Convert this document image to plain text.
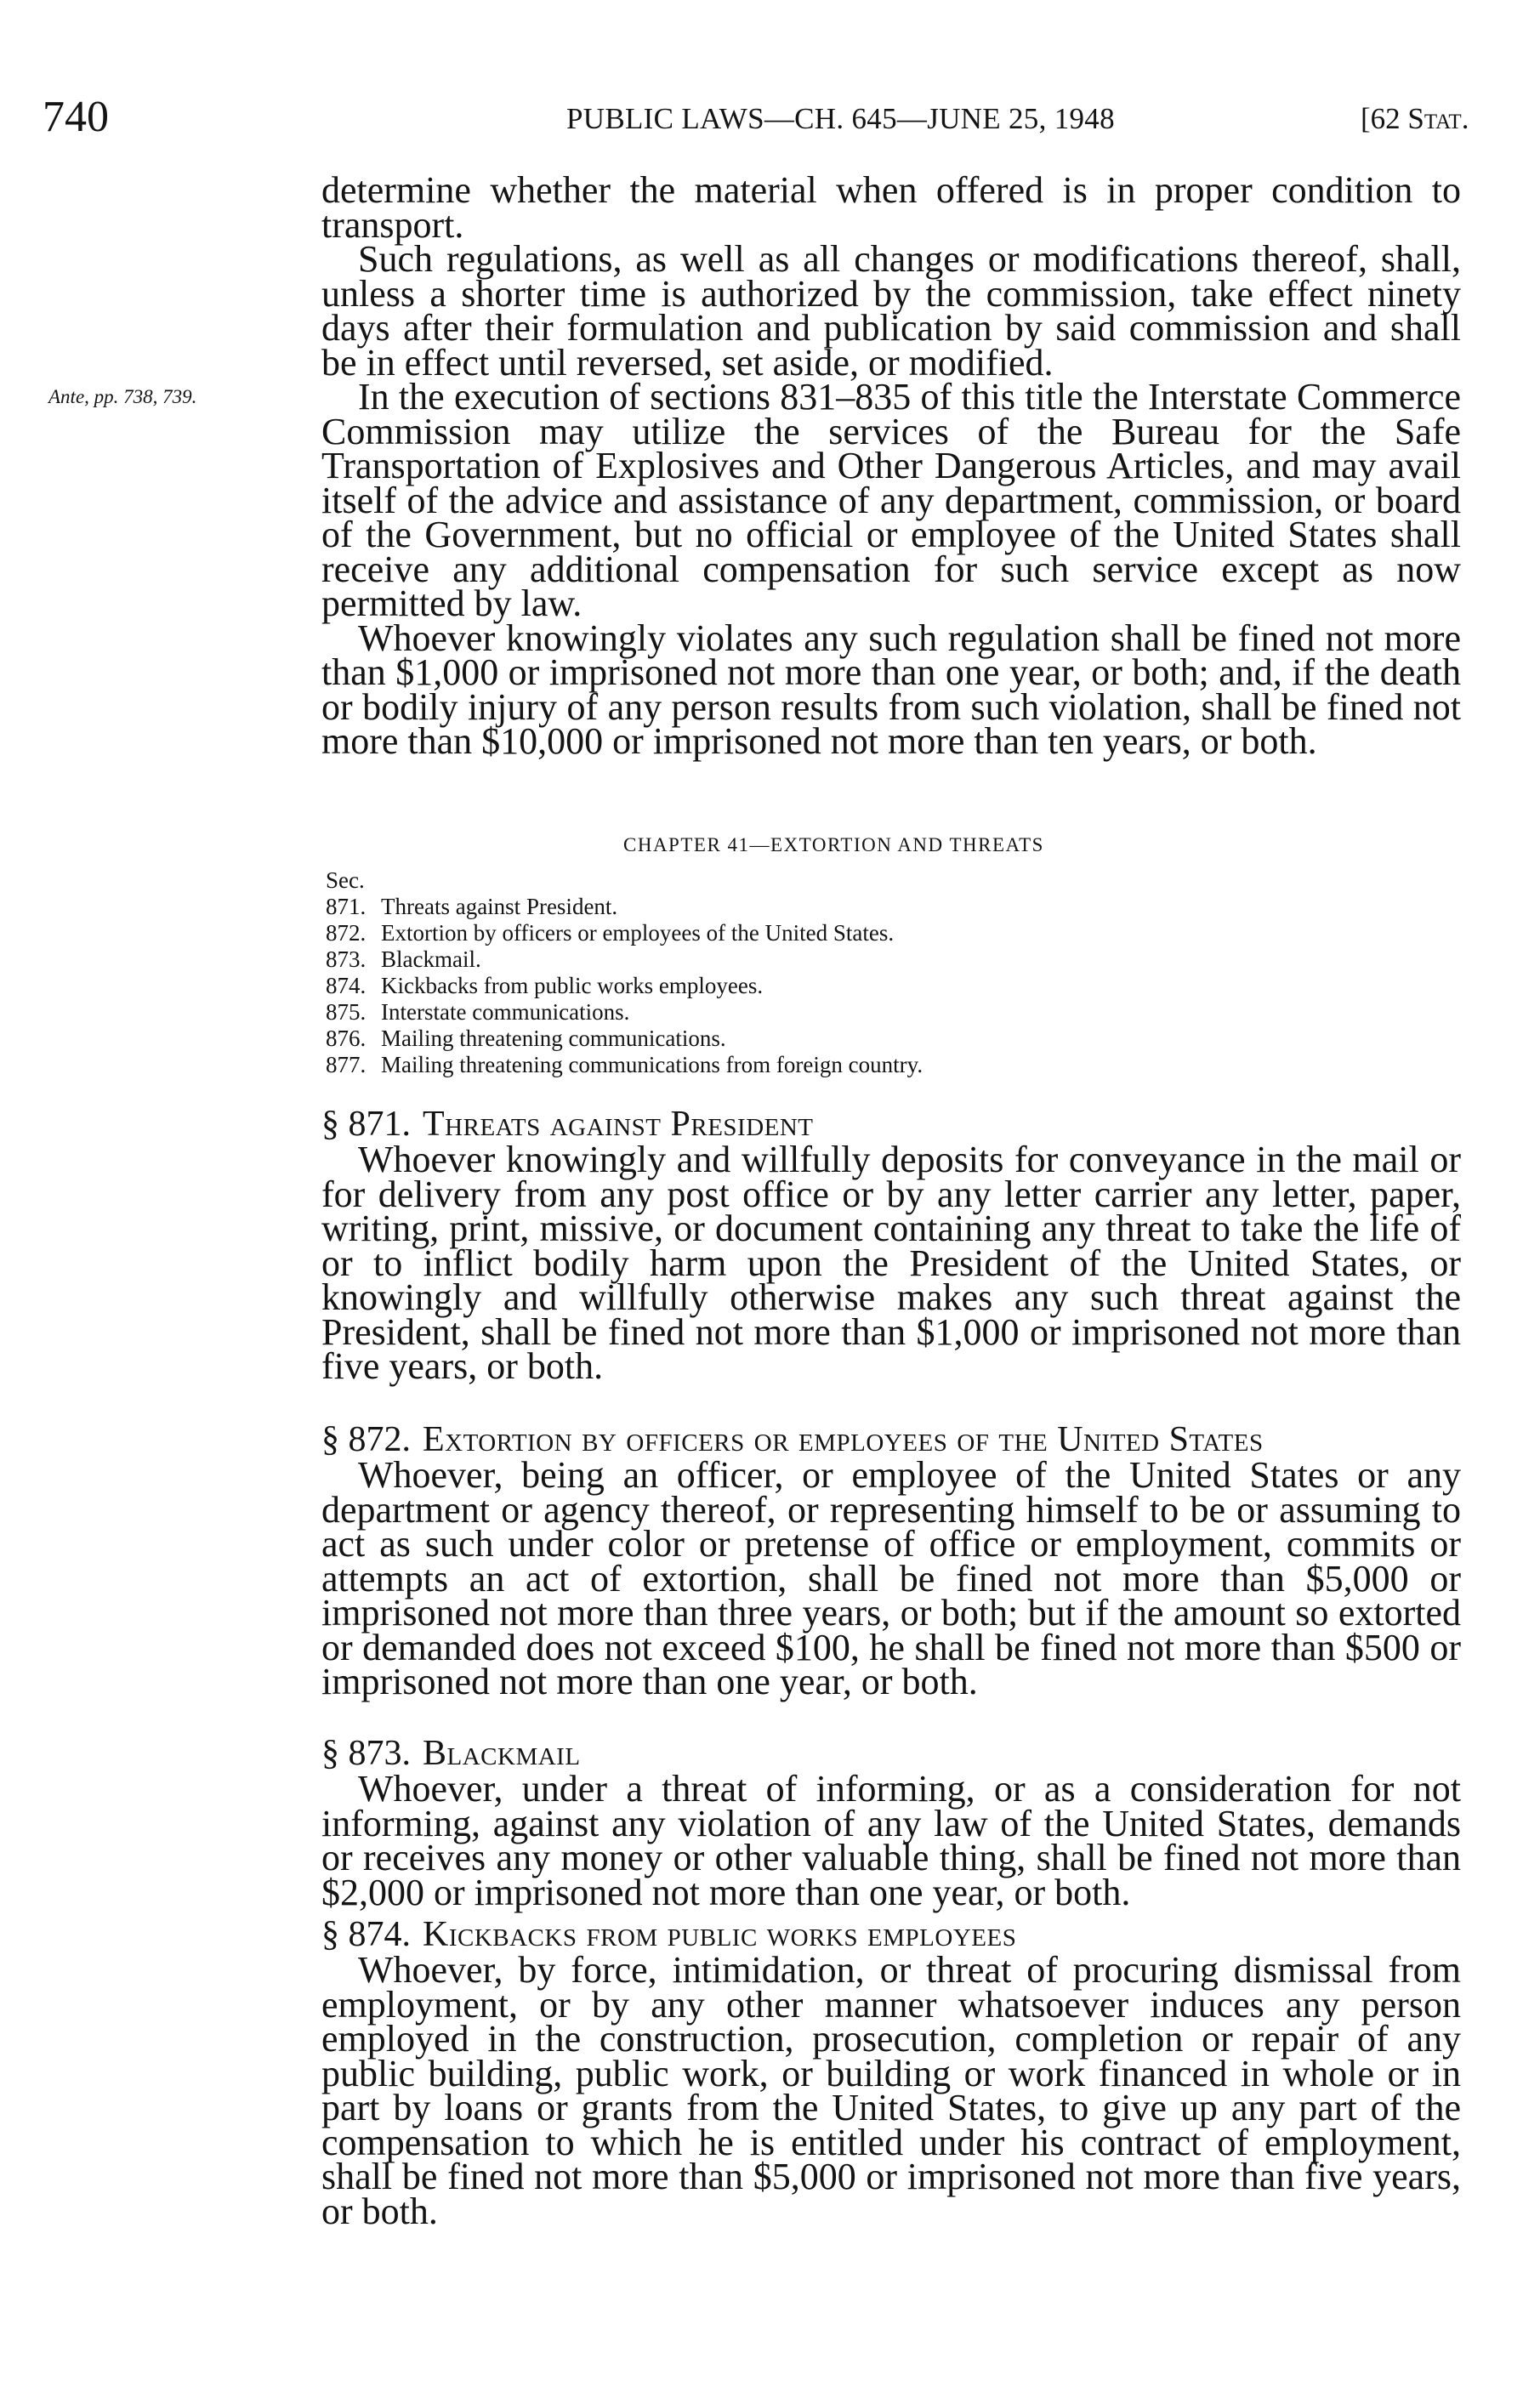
740	PUBLIC LAWS—CH. 645—JUNE 25, 1948	[62 Stat.
Ante, pp. 738, 739.

determine whether the material when offered is in proper condition to transport.

Such regulations, as well as all changes or modifications thereof, shall, unless a shorter time is authorized by the commission, take effect ninety days after their formulation and publication by said commission and shall be in effect until reversed, set aside, or modified.

In the execution of sections 831–835 of this title the Interstate Commerce Commission may utilize the services of the Bureau for the Safe Transportation of Explosives and Other Dangerous Articles, and may avail itself of the advice and assistance of any department, commission, or board of the Government, but no official or employee of the United States shall receive any additional compensation for such service except as now permitted by law.

Whoever knowingly violates any such regulation shall be fined not more than $1,000 or imprisoned not more than one year, or both; and, if the death or bodily injury of any person results from such violation, shall be fined not more than $10,000 or imprisoned not more than ten years, or both.

CHAPTER 41—EXTORTION AND THREATS
Sec.
871. Threats against President.
872. Extortion by officers or employees of the United States.
873. Blackmail.
874. Kickbacks from public works employees.
875. Interstate communications.
876. Mailing threatening communications.
877. Mailing threatening communications from foreign country.

§ 871. Threats against President

Whoever knowingly and willfully deposits for conveyance in the mail or for delivery from any post office or by any letter carrier any letter, paper, writing, print, missive, or document containing any threat to take the life of or to inflict bodily harm upon the President of the United States, or knowingly and willfully otherwise makes any such threat against the President, shall be fined not more than $1,000 or imprisoned not more than five years, or both.

§ 872. Extortion by officers or employees of the United States

Whoever, being an officer, or employee of the United States or any department or agency thereof, or representing himself to be or assuming to act as such under color or pretense of office or employment, commits or attempts an act of extortion, shall be fined not more than $5,000 or imprisoned not more than three years, or both; but if the amount so extorted or demanded does not exceed $100, he shall be fined not more than $500 or imprisoned not more than one year, or both.

§ 873. Blackmail

Whoever, under a threat of informing, or as a consideration for not informing, against any violation of any law of the United States, demands or receives any money or other valuable thing, shall be fined not more than $2,000 or imprisoned not more than one year, or both.

§ 874. Kickbacks from public works employees

Whoever, by force, intimidation, or threat of procuring dismissal from employment, or by any other manner whatsoever induces any person employed in the construction, prosecution, completion or repair of any public building, public work, or building or work financed in whole or in part by loans or grants from the United States, to give up any part of the compensation to which he is entitled under his contract of employment, shall be fined not more than $5,000 or imprisoned not more than five years, or both.
